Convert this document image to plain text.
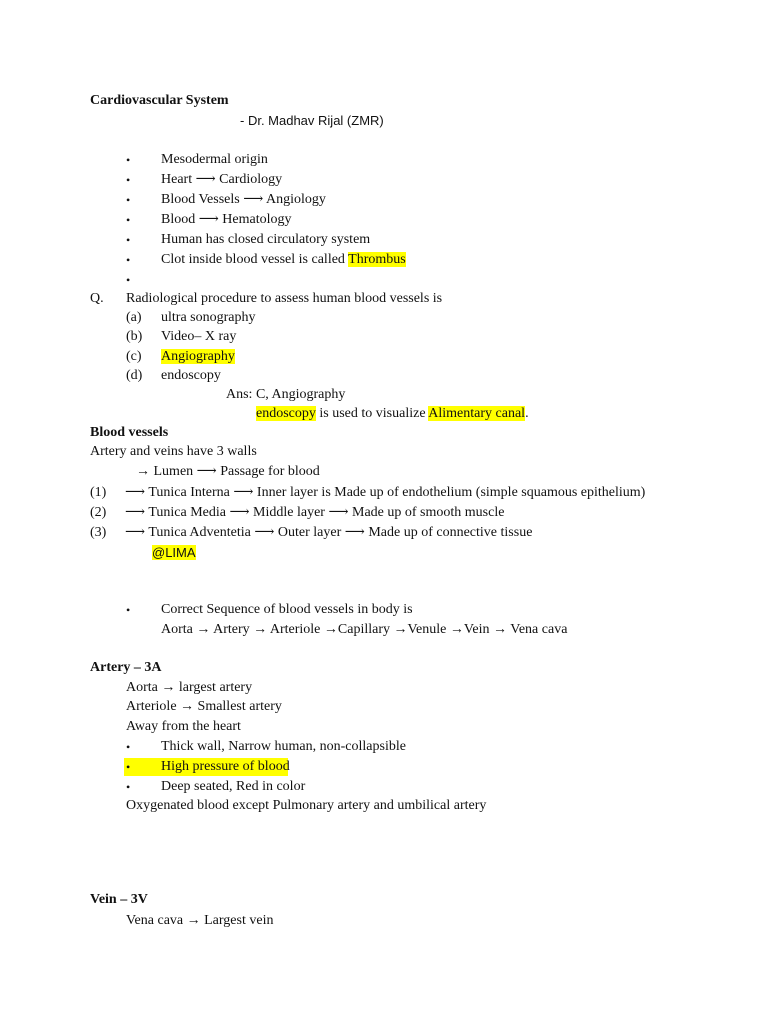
Cardiovascular System
- Dr. Madhav Rijal (ZMR)
• Mesodermal origin
• Heart ⟶ Cardiology
• Blood Vessels ⟶ Angiology
• Blood ⟶ Hematology
• Human has closed circulatory system
• Clot inside blood vessel is called Thrombus
•
Q. Radiological procedure to assess human blood vessels is
(a) ultra sonography
(b) Video– X ray
(c) Angiography
(d) endoscopy
Ans: C, Angiography
endoscopy is used to visualize Alimentary canal.
Blood vessels
Artery and veins have 3 walls
→ Lumen ⟶ Passage for blood
(1) ⟶ Tunica Interna ⟶ Inner layer is Made up of endothelium (simple squamous epithelium)
(2) ⟶ Tunica Media ⟶ Middle layer ⟶ Made up of smooth muscle
(3) ⟶ Tunica Adventetia ⟶ Outer layer ⟶ Made up of connective tissue
@LIMA
• Correct Sequence of blood vessels in body is
Aorta → Artery → Arteriole →Capillary →Venule →Vein → Vena cava
Artery – 3A
Aorta → largest artery
Arteriole → Smallest artery
Away from the heart
• Thick wall, Narrow human, non-collapsible
• High pressure of blood
• Deep seated, Red in color
Oxygenated blood except Pulmonary artery and umbilical artery
Vein – 3V
Vena cava → Largest vein
